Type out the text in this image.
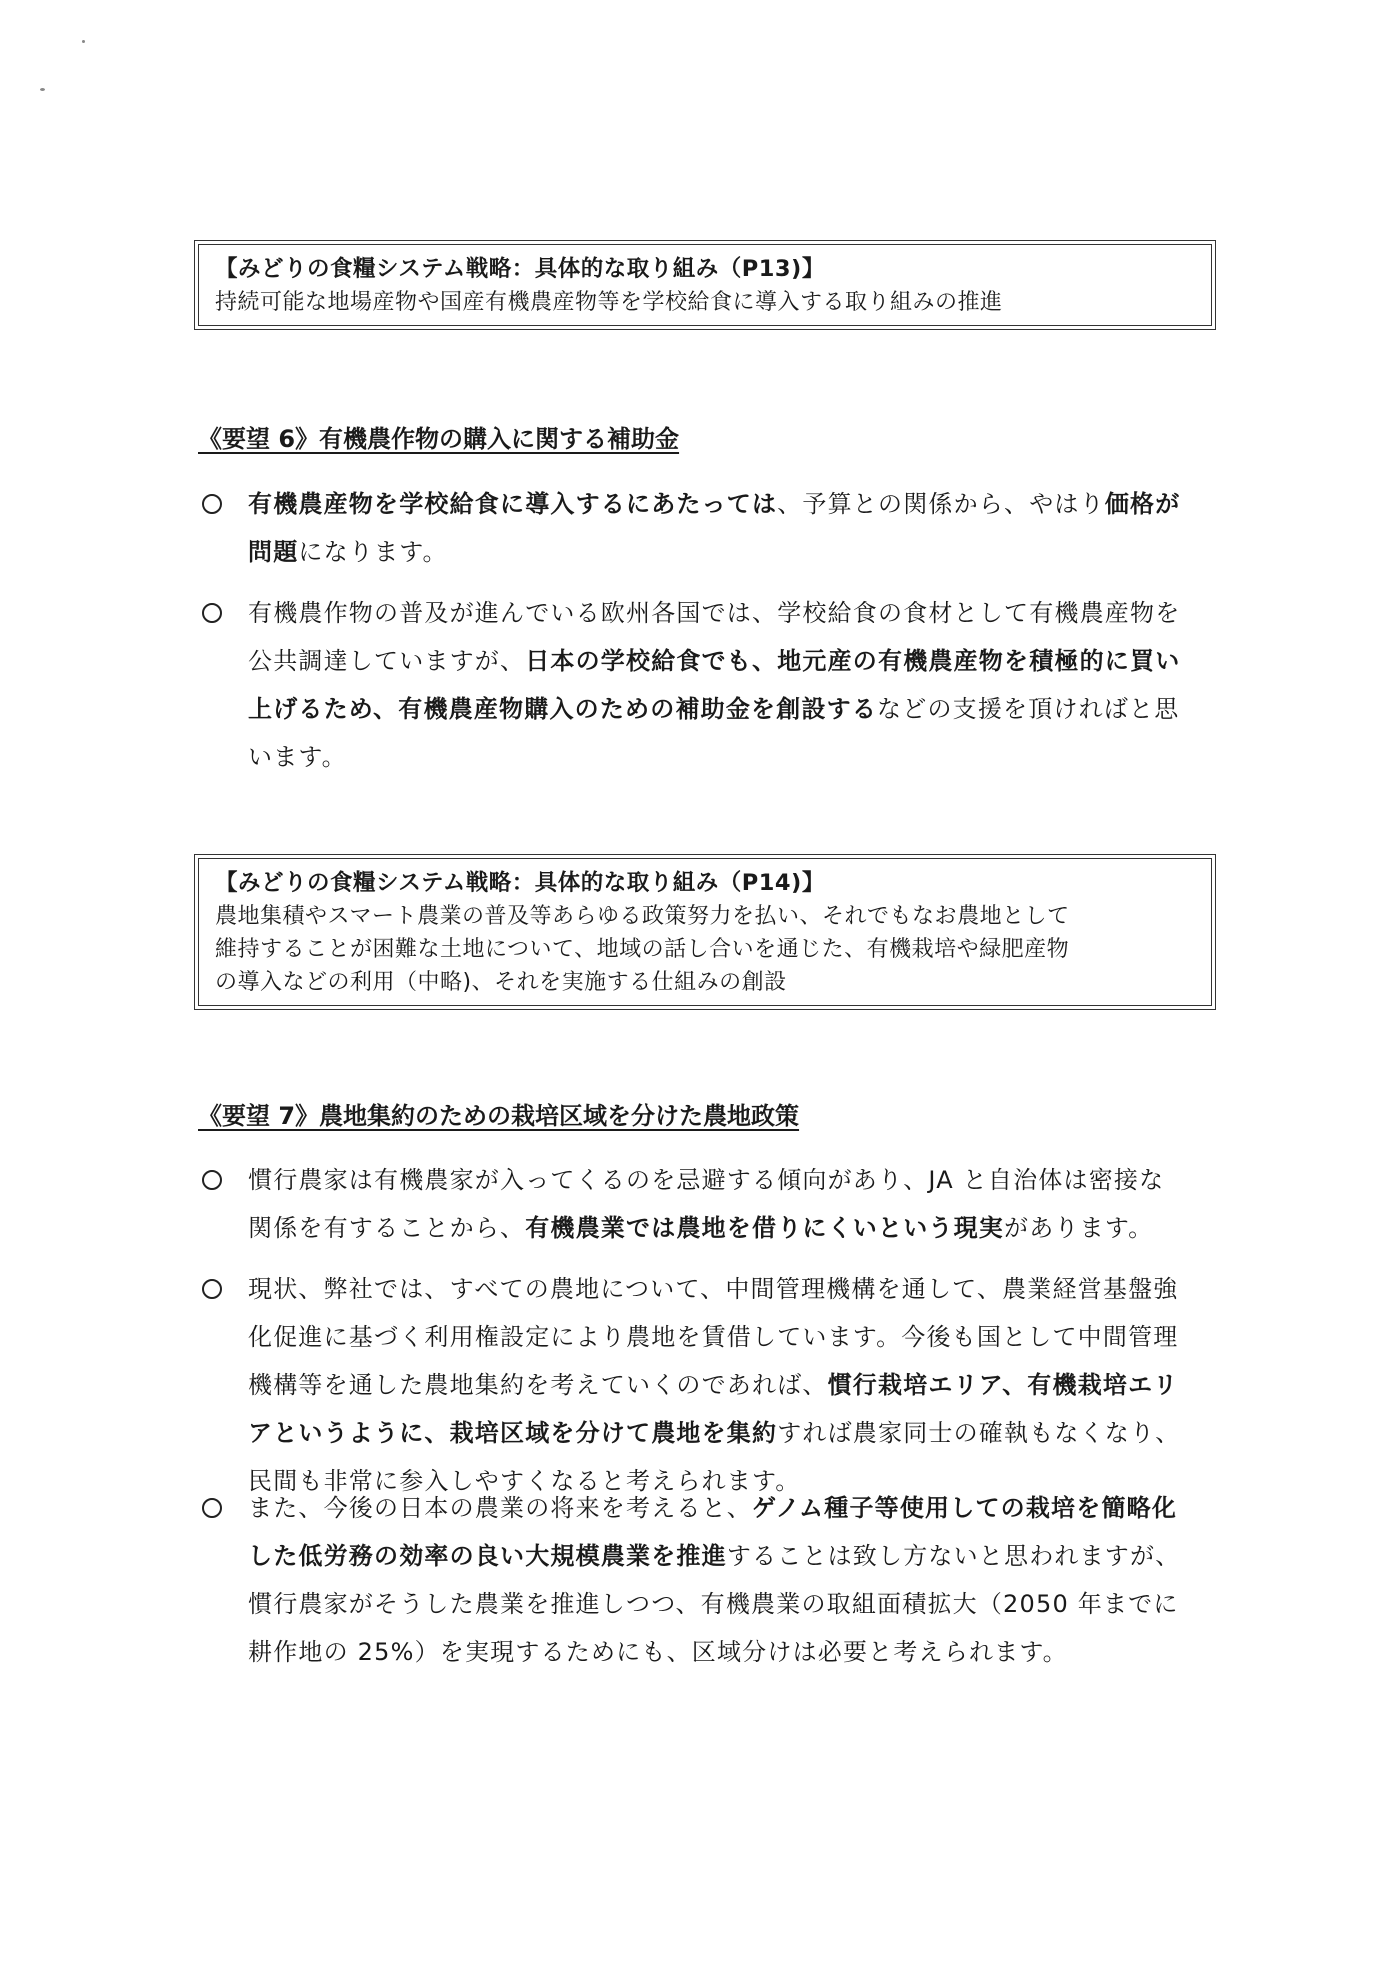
【みどりの食糧システム戦略：具体的な取り組み（P13)】
持続可能な地場産物や国産有機農産物等を学校給食に導入する取り組みの推進
《要望 6》有機農作物の購入に関する補助金
有機農産物を学校給食に導入するにあたっては、予算との関係から、やはり価格が
問題になります。
有機農作物の普及が進んでいる欧州各国では、学校給食の食材として有機農産物を
公共調達していますが、日本の学校給食でも、地元産の有機農産物を積極的に買い
上げるため、有機農産物購入のための補助金を創設するなどの支援を頂ければと思
います。
【みどりの食糧システム戦略：具体的な取り組み（P14)】
農地集積やスマート農業の普及等あらゆる政策努力を払い、それでもなお農地として
維持することが困難な土地について、地域の話し合いを通じた、有機栽培や緑肥産物
の導入などの利用（中略)、それを実施する仕組みの創設
《要望 7》農地集約のための栽培区域を分けた農地政策
慣行農家は有機農家が入ってくるのを忌避する傾向があり、JA と自治体は密接な
関係を有することから、有機農業では農地を借りにくいという現実があります。
現状、弊社では、すべての農地について、中間管理機構を通して、農業経営基盤強
化促進に基づく利用権設定により農地を賃借しています。今後も国として中間管理
機構等を通した農地集約を考えていくのであれば、慣行栽培エリア、有機栽培エリ
アというように、栽培区域を分けて農地を集約すれば農家同士の確執もなくなり、
民間も非常に参入しやすくなると考えられます。
また、今後の日本の農業の将来を考えると、ゲノム種子等使用しての栽培を簡略化
した低労務の効率の良い大規模農業を推進することは致し方ないと思われますが、
慣行農家がそうした農業を推進しつつ、有機農業の取組面積拡大（2050 年までに
耕作地の 25%）を実現するためにも、区域分けは必要と考えられます。
